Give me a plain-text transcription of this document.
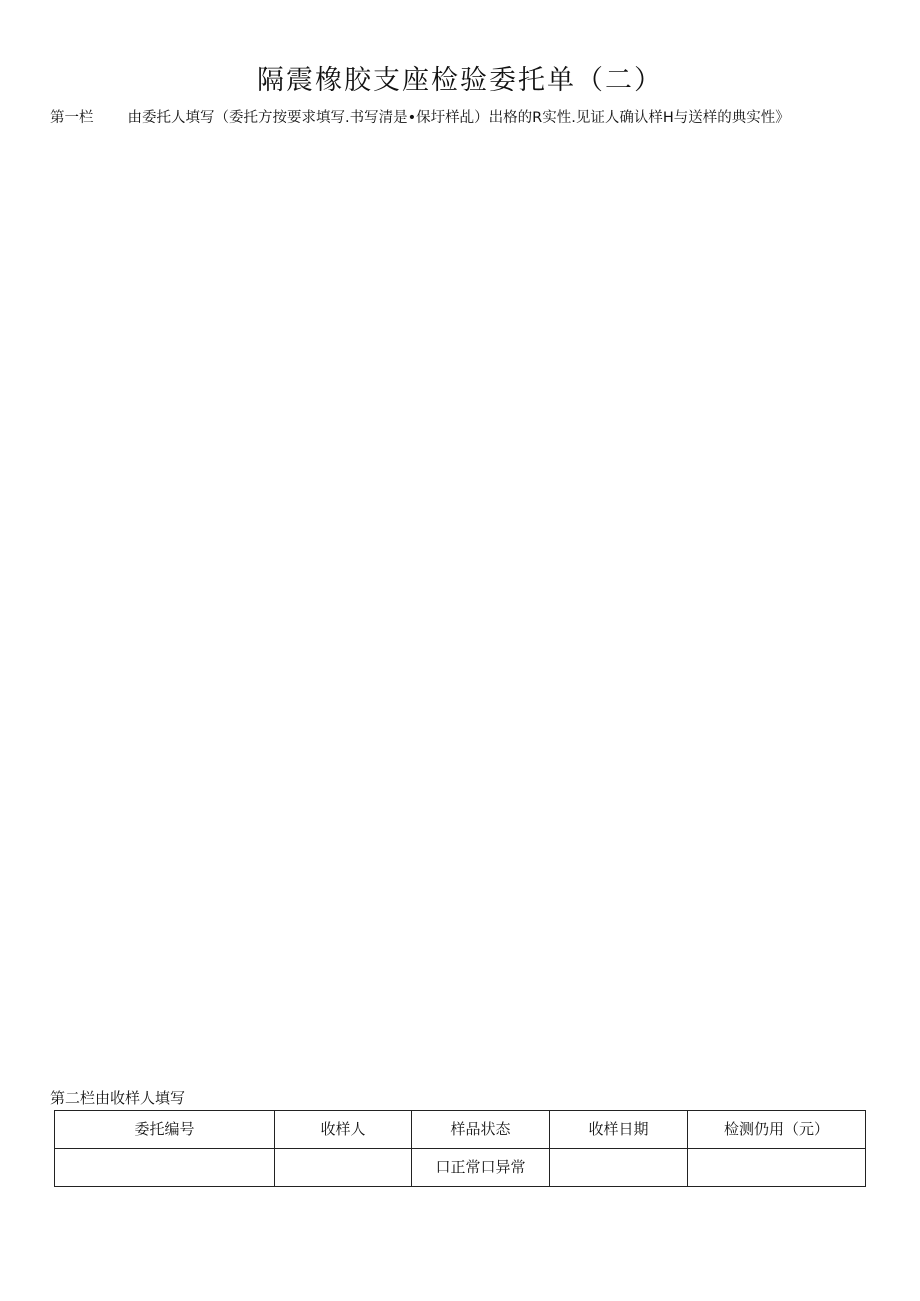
隔震橡胶支座检验委托单（二）
第一栏 由委托人填写（委托方按要求填写.书写清是•保圩样乩）岀格的R实性.见证人确认样H与送样的典实性》
第二栏由收样人填写
委托编号	收样人	样品状态	收样日期	检测仍用（元）
		口正常口异常		
